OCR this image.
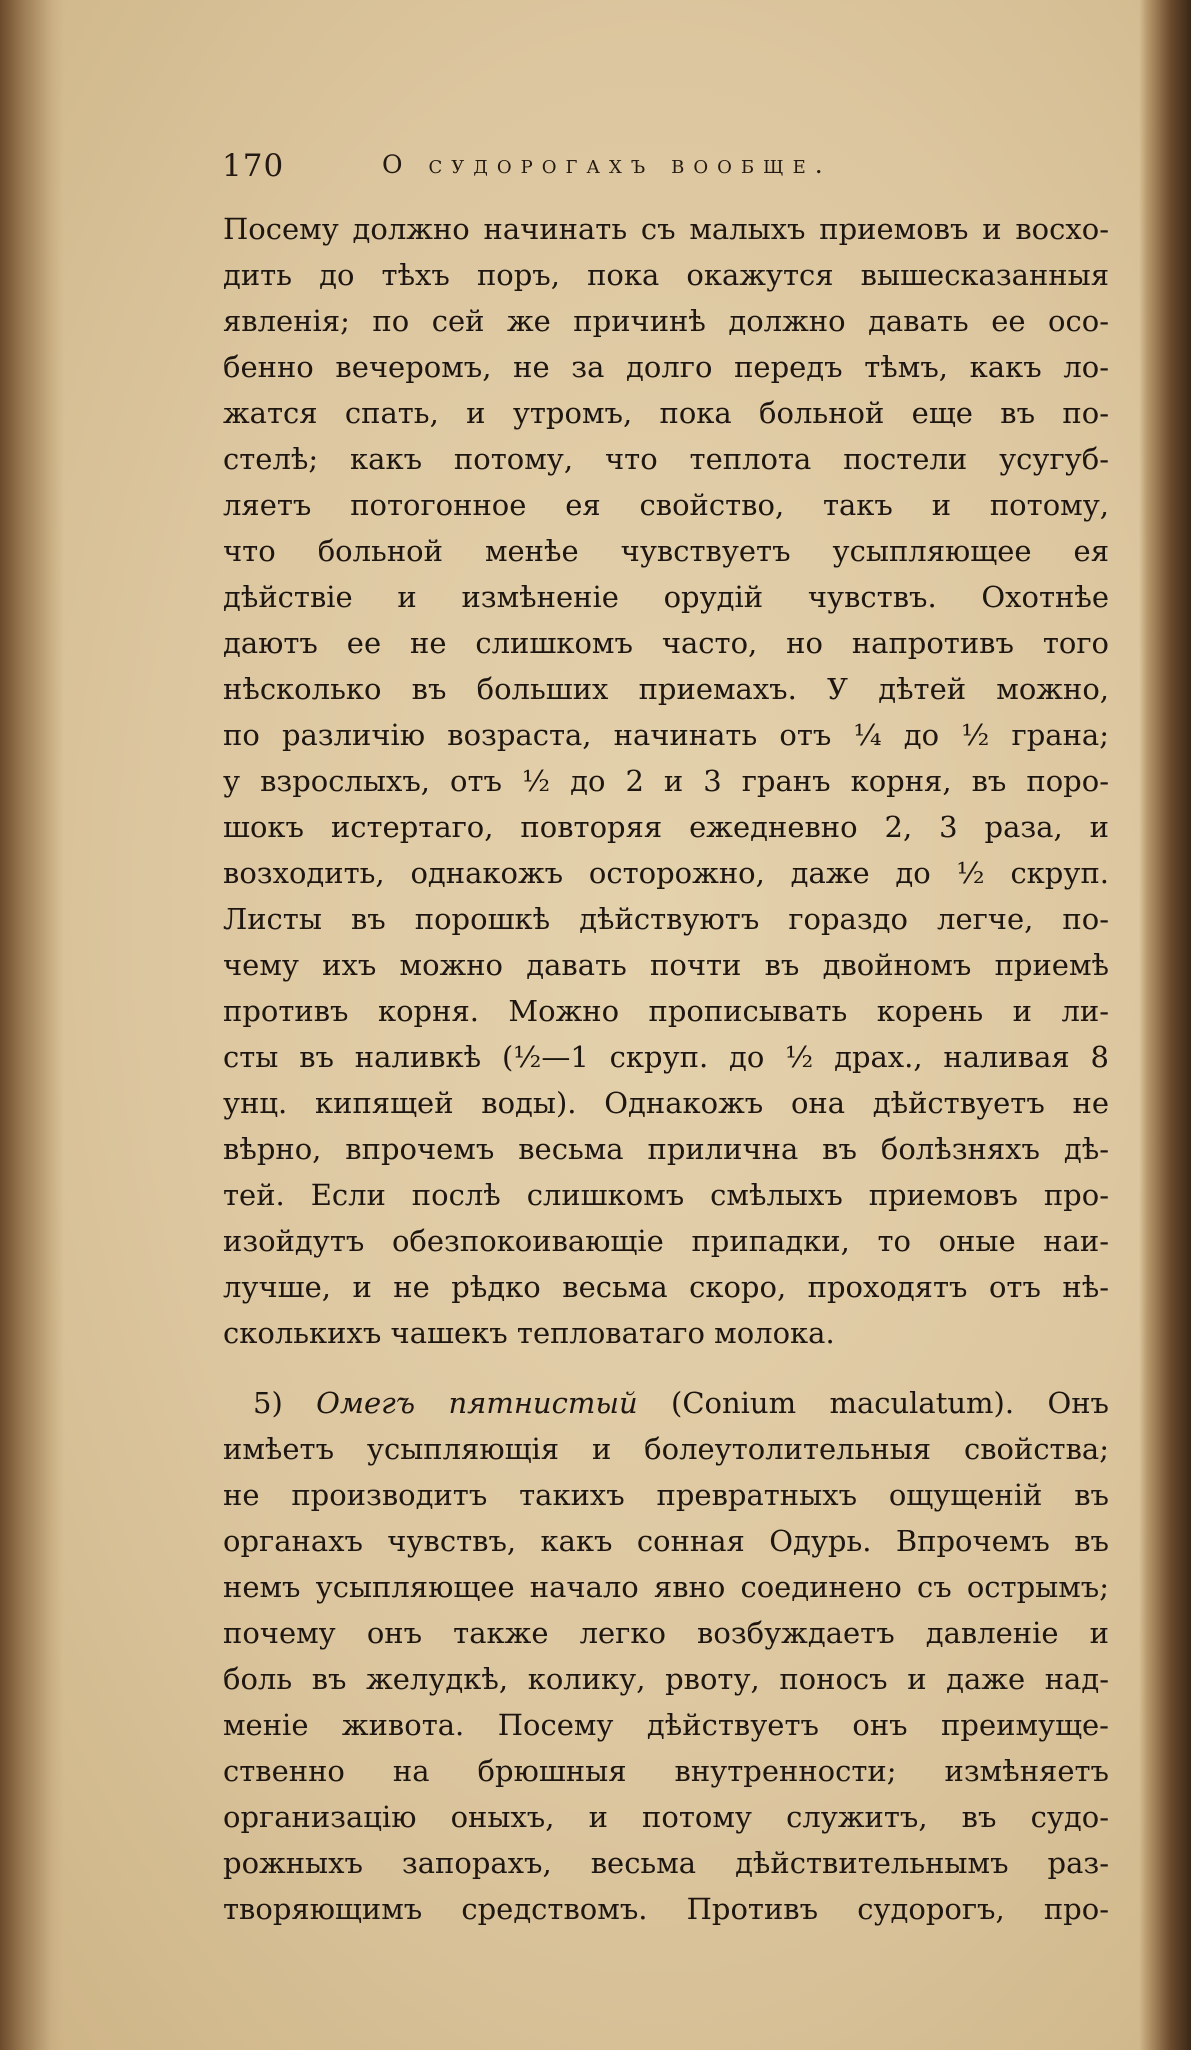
170	О судорогахъ вообще.
Посему должно начинать съ малыхъ приемовъ и восхо-
дить до тѣхъ поръ, пока окажутся вышесказанныя
явленія; по сей же причинѣ должно давать ее осо-
бенно вечеромъ, не за долго передъ тѣмъ, какъ ло-
жатся спать, и утромъ, пока больной еще въ по-
стелѣ; какъ потому, что теплота постели усугуб-
ляетъ потогонное ея свойство, такъ и потому,
что больной менѣе чувствуетъ усыпляющее ея
дѣйствіе и измѣненіе орудій чувствъ. Охотнѣе
даютъ ее не слишкомъ часто, но напротивъ того
нѣсколько въ больших приемахъ. У дѣтей можно,
по различію возраста, начинать отъ ¼ до ½ грана;
у взрослыхъ, отъ ½ до 2 и 3 гранъ корня, въ поро-
шокъ истертаго, повторяя ежедневно 2, 3 раза, и
возходить, однакожъ осторожно, даже до ½ скруп.
Листы въ порошкѣ дѣйствуютъ гораздо легче, по-
чему ихъ можно давать почти въ двойномъ приемѣ
противъ корня. Можно прописывать корень и ли-
сты въ наливкѣ (½—1 скруп. до ½ драх., наливая 8
унц. кипящей воды). Однакожъ она дѣйствуетъ не
вѣрно, впрочемъ весьма прилична въ болѣзняхъ дѣ-
тей. Если послѣ слишкомъ смѣлыхъ приемовъ про-
изойдутъ обезпокоивающіе припадки, то оные наи-
лучше, и не рѣдко весьма скоро, проходятъ отъ нѣ-
сколькихъ чашекъ тепловатаго молока.
5) Омегъ пятнистый (Conium maculatum). Онъ
имѣетъ усыпляющія и болеутолительныя свойства;
не производитъ такихъ превратныхъ ощущеній въ
органахъ чувствъ, какъ сонная Одурь. Впрочемъ въ
немъ усыпляющее начало явно соединено съ острымъ;
почему онъ также легко возбуждаетъ давленіе и
боль въ желудкѣ, колику, рвоту, поносъ и даже над-
меніе живота. Посему дѣйствуетъ онъ преимуще-
ственно на брюшныя внутренности; измѣняетъ
организацію оныхъ, и потому служитъ, въ судо-
рожныхъ запорахъ, весьма дѣйствительнымъ раз-
творяющимъ средствомъ. Противъ судорогъ, про-
